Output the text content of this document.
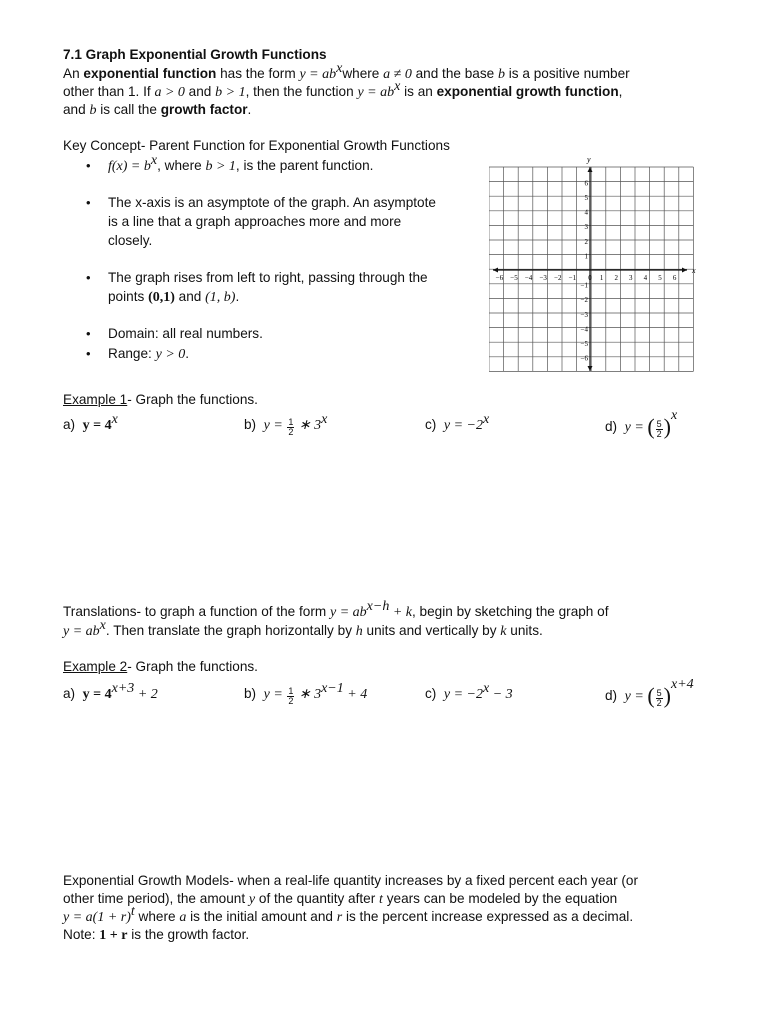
7.1 Graph Exponential Growth Functions
An exponential function has the form $y = ab^xwhere$ a ≠ 0 and the base b is a positive number
other than 1. If a > 0 and b > 1, then the function $y = ab^x$ is an exponential growth function,
and b is call the growth factor.
Key Concept- Parent Function for Exponential Growth Functions
• $f(x) = b^x$, where b > 1, is the parent function.
• The x-axis is an asymptote of the graph. An asymptote
is a line that a graph approaches more and more
closely.
• The graph rises from left to right, passing through the
points (0,1) and (1, b).
• Domain: all real numbers.
• Range: y > 0.
x
y
−6 −5 −4 −3 −2 −1 0 1 2 3 4 5 6
6
5
4
3
2
1
−1
−2
−3
−4
−5
−6
Example 1- Graph the functions.
a) $y = 4^x$	b) $y = \frac{1}{2}$ ∗ 3$^x$	c) $y = -2^x$	d) y = ( $\frac{5}{2} )^x$
Translations- to graph a function of the form $y = ab^{x-h} + k$, begin by sketching the graph of
$y = ab^x$. Then translate the graph horizontally by h units and vertically by k units.
Example 2- Graph the functions.
a) $y = 4^{x+3} + 2$	b) $y = \frac{1}{2}$ ∗ $3^{x-1} + 4$	c) $y = -2^x - 3$	d) y = ( $\frac{5}{2} )^{x+4}$
Exponential Growth Models- when a real-life quantity increases by a fixed percent each year (or
other time period), the amount y of the quantity after t years can be modeled by the equation
$y = a(1 + r)^t$ where a is the initial amount and r is the percent increase expressed as a decimal.
Note: 1 + r is the growth factor.
